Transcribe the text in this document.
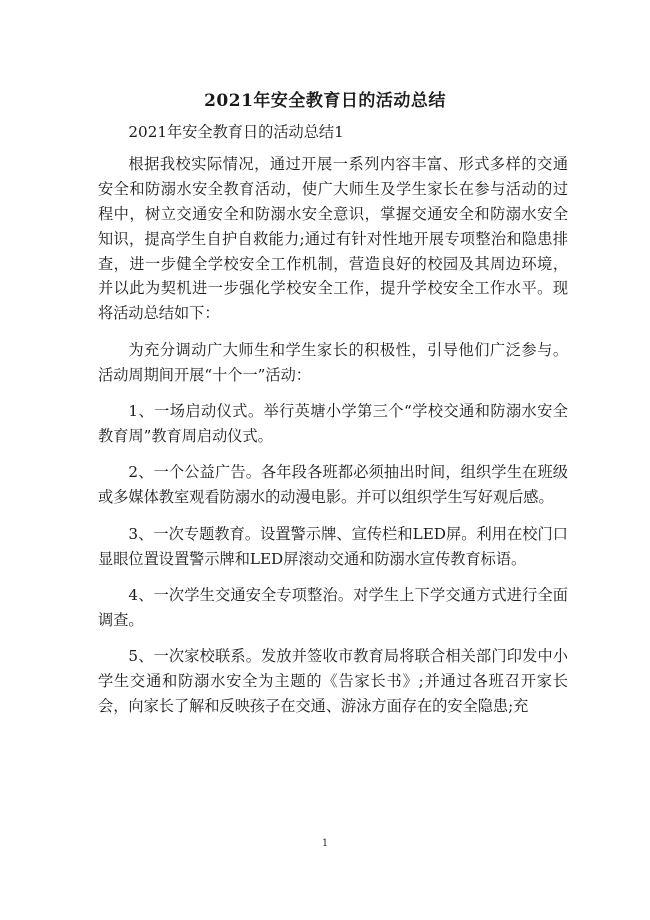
2021年安全教育日的活动总结

2021年安全教育日的活动总结1

根据我校实际情况，通过开展一系列内容丰富、形式多样的交通安全和防溺水安全教育活动，使广大师生及学生家长在参与活动的过程中，树立交通安全和防溺水安全意识，掌握交通安全和防溺水安全知识，提高学生自护自救能力;通过有针对性地开展专项整治和隐患排查，进一步健全学校安全工作机制，营造良好的校园及其周边环境，并以此为契机进一步强化学校安全工作，提升学校安全工作水平。现将活动总结如下：

为充分调动广大师生和学生家长的积极性，引导他们广泛参与。活动周期间开展“十个一”活动：

1、一场启动仪式。举行英塘小学第三个“学校交通和防溺水安全教育周”教育周启动仪式。

2、一个公益广告。各年段各班都必须抽出时间，组织学生在班级或多媒体教室观看防溺水的动漫电影。并可以组织学生写好观后感。

3、一次专题教育。设置警示牌、宣传栏和LED屏。利用在校门口显眼位置设置警示牌和LED屏滚动交通和防溺水宣传教育标语。

4、一次学生交通安全专项整治。对学生上下学交通方式进行全面调查。

5、一次家校联系。发放并签收市教育局将联合相关部门印发中小学生交通和防溺水安全为主题的《告家长书》;并通过各班召开家长会，向家长了解和反映孩子在交通、游泳方面存在的安全隐患;充

1
